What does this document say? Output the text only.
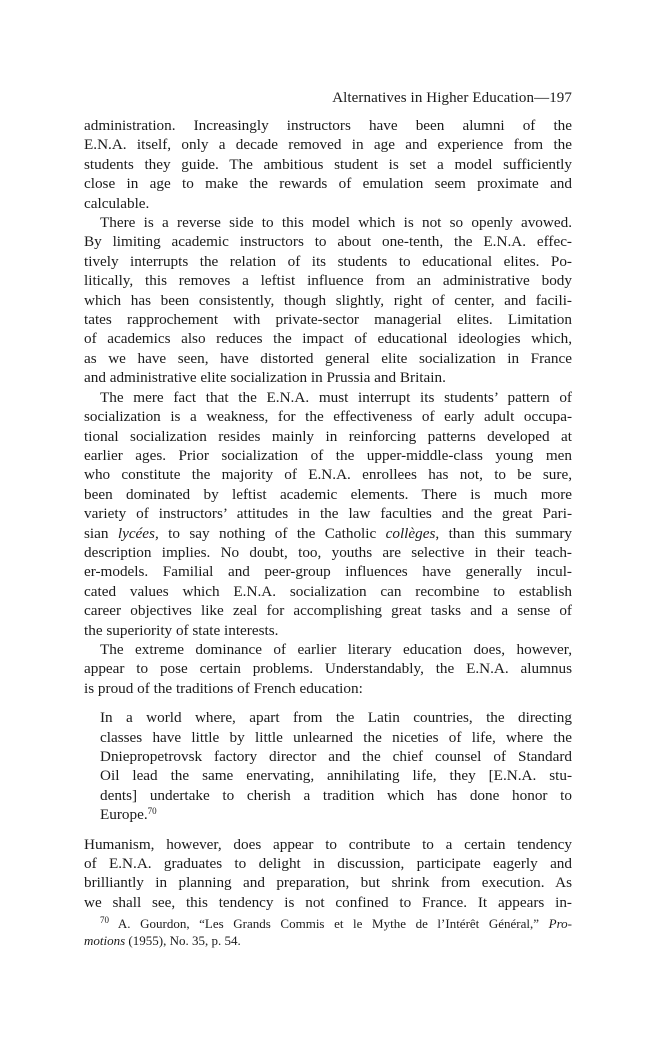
Alternatives in Higher Education—197

administration. Increasingly instructors have been alumni of the
E.N.A. itself, only a decade removed in age and experience from the
students they guide. The ambitious student is set a model sufficiently
close in age to make the rewards of emulation seem proximate and
calculable.

There is a reverse side to this model which is not so openly avowed.
By limiting academic instructors to about one-tenth, the E.N.A. effec-
tively interrupts the relation of its students to educational elites. Po-
litically, this removes a leftist influence from an administrative body
which has been consistently, though slightly, right of center, and facili-
tates rapprochement with private-sector managerial elites. Limitation
of academics also reduces the impact of educational ideologies which,
as we have seen, have distorted general elite socialization in France
and administrative elite socialization in Prussia and Britain.

The mere fact that the E.N.A. must interrupt its students’ pattern of
socialization is a weakness, for the effectiveness of early adult occupa-
tional socialization resides mainly in reinforcing patterns developed at
earlier ages. Prior socialization of the upper-middle-class young men
who constitute the majority of E.N.A. enrollees has not, to be sure,
been dominated by leftist academic elements. There is much more
variety of instructors’ attitudes in the law faculties and the great Pari-
sian lycées, to say nothing of the Catholic collèges, than this summary
description implies. No doubt, too, youths are selective in their teach-
er-models. Familial and peer-group influences have generally incul-
cated values which E.N.A. socialization can recombine to establish
career objectives like zeal for accomplishing great tasks and a sense of
the superiority of state interests.

The extreme dominance of earlier literary education does, however,
appear to pose certain problems. Understandably, the E.N.A. alumnus
is proud of the traditions of French education:

In a world where, apart from the Latin countries, the directing
classes have little by little unlearned the niceties of life, where the
Dniepropetrovsk factory director and the chief counsel of Standard
Oil lead the same enervating, annihilating life, they [E.N.A. stu-
dents] undertake to cherish a tradition which has done honor to
Europe.$^{70}$

Humanism, however, does appear to contribute to a certain tendency
of E.N.A. graduates to delight in discussion, participate eagerly and
brilliantly in planning and preparation, but shrink from execution. As
we shall see, this tendency is not confined to France. It appears in-

$^{70}$ A. Gourdon, “Les Grands Commis et le Mythe de l’Intérêt Général,” Pro-
motions (1955), No. 35, p. 54.
